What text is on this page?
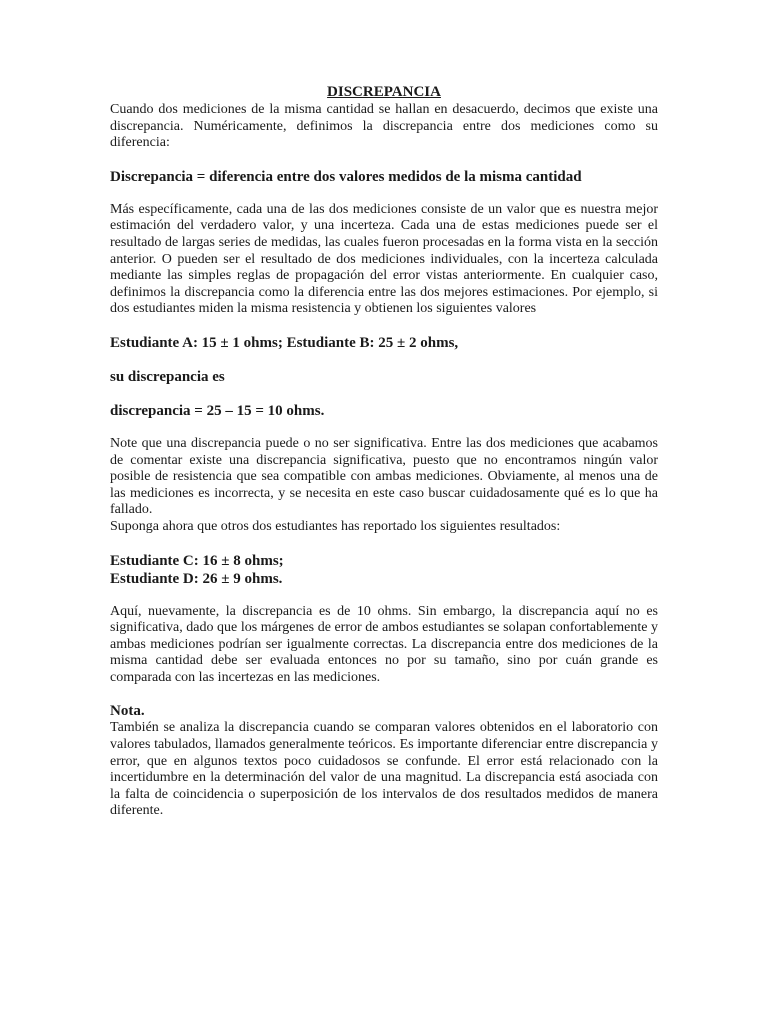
DISCREPANCIA

Cuando dos mediciones de la misma cantidad se hallan en desacuerdo, decimos que existe una discrepancia. Numéricamente, definimos la discrepancia entre dos mediciones como su diferencia:

Discrepancia = diferencia entre dos valores medidos de la misma cantidad

Más específicamente, cada una de las dos mediciones consiste de un valor que es nuestra mejor estimación del verdadero valor, y una incerteza. Cada una de estas mediciones puede ser el resultado de largas series de medidas, las cuales fueron procesadas en la forma vista en la sección anterior. O pueden ser el resultado de dos mediciones individuales, con la incerteza calculada mediante las simples reglas de propagación del error vistas anteriormente. En cualquier caso, definimos la discrepancia como la diferencia entre las dos mejores estimaciones. Por ejemplo, si dos estudiantes miden la misma resistencia y obtienen los siguientes valores

Estudiante A: 15 ± 1 ohms; Estudiante B: 25 ± 2 ohms,

su discrepancia es

discrepancia = 25 – 15 = 10 ohms.

Note que una discrepancia puede o no ser significativa. Entre las dos mediciones que acabamos de comentar existe una discrepancia significativa, puesto que no encontramos ningún valor posible de resistencia que sea compatible con ambas mediciones. Obviamente, al menos una de las mediciones es incorrecta, y se necesita en este caso buscar cuidadosamente qué es lo que ha fallado.

Suponga ahora que otros dos estudiantes has reportado los siguientes resultados:

Estudiante C: 16 ± 8 ohms;

Estudiante D: 26 ± 9 ohms.

Aquí, nuevamente, la discrepancia es de 10 ohms. Sin embargo, la discrepancia aquí no es significativa, dado que los márgenes de error de ambos estudiantes se solapan confortablemente y ambas mediciones podrían ser igualmente correctas. La discrepancia entre dos mediciones de la misma cantidad debe ser evaluada entonces no por su tamaño, sino por cuán grande es comparada con las incertezas en las mediciones.

Nota.

También se analiza la discrepancia cuando se comparan valores obtenidos en el laboratorio con valores tabulados, llamados generalmente teóricos. Es importante diferenciar entre discrepancia y error, que en algunos textos poco cuidadosos se confunde. El error está relacionado con la incertidumbre en la determinación del valor de una magnitud. La discrepancia está asociada con la falta de coincidencia o superposición de los intervalos de dos resultados medidos de manera diferente.
